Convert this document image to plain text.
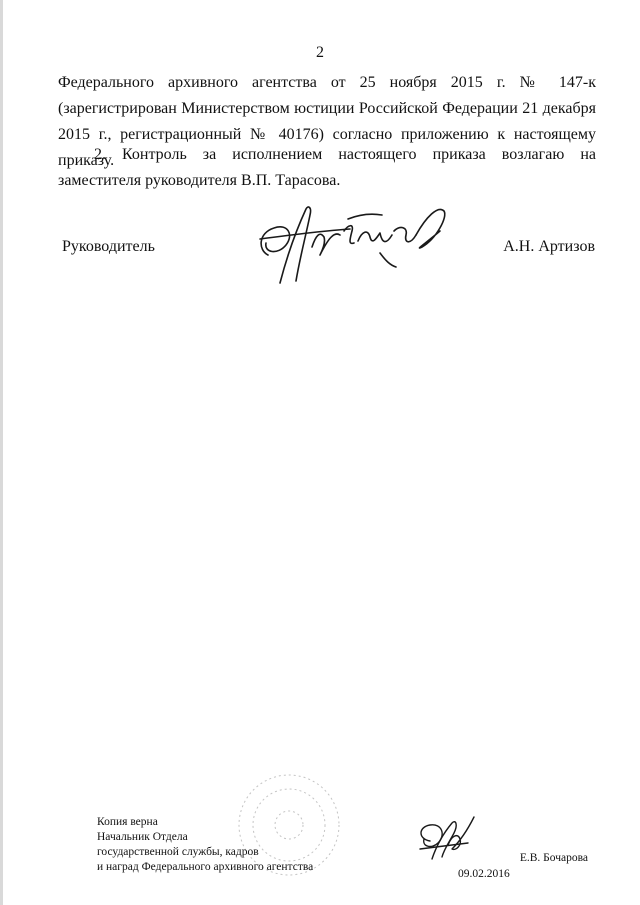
2
Федерального архивного агентства от 25 ноября 2015 г. № 147-к (зарегистрирован Министерством юстиции Российской Федерации 21 декабря 2015 г., регистрационный № 40176) согласно приложению к настоящему приказу.
2. Контроль за исполнением настоящего приказа возлагаю на заместителя руководителя В.П. Тарасова.
Руководитель	А.Н. Артизов
Копия верна
Начальник Отдела
государственной службы, кадров
и наград Федерального архивного агентства
Е.В. Бочарова
09.02.2016
